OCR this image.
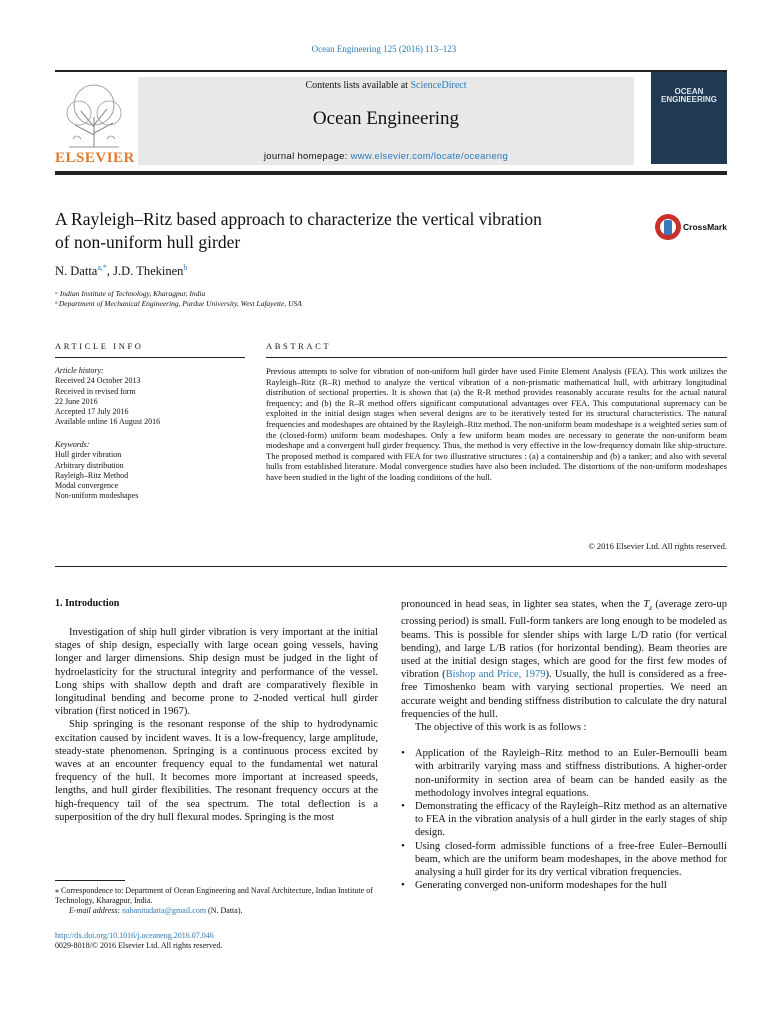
Ocean Engineering 125 (2016) 113–123
ELSEVIER
Contents lists available at ScienceDirect
Ocean Engineering
journal homepage: www.elsevier.com/locate/oceaneng
OCEAN ENGINEERING
A Rayleigh–Ritz based approach to characterize the vertical vibration
of non-uniform hull girder
CrossMark
N. Datta$^{a,*}$, J.D. Thekinen$^b$
ᵃ Indian Institute of Technology, Kharagpur, India
ᵇ Department of Mechanical Engineering, Purdue University, West Lafayette, USA
ARTICLE INFO	ABSTRACT
Article history:
Received 24 October 2013
Received in revised form
22 June 2016
Accepted 17 July 2016
Available online 16 August 2016
Keywords:
Hull girder vibration
Arbitrary distribution
Rayleigh–Ritz Method
Modal convergence
Non-uniform modeshapes
Previous attempts to solve for vibration of non-uniform hull girder have used Finite Element Analysis (FEA). This work utilizes the Rayleigh–Ritz (R–R) method to analyze the vertical vibration of a non-prismatic mathematical hull, with arbitrary longitudinal distribution of sectional properties. It is shown that (a) the R-R method provides reasonably accurate results for the actual natural frequency; and (b) the R–R method offers significant computational advantages over FEA. This computational supremacy can be exploited in the initial design stages when several designs are to be iteratively tested for its structural characteristics. The natural frequencies and modeshapes are obtained by the Rayleigh–Ritz method. The non-uniform beam modeshape is a weighted series sum of the (closed-form) uniform beam modeshapes. Only a few uniform beam modes are necessary to generate the non-uniform beam modeshape and a convergent hull girder frequency. Thus, the method is very effective in the low-frequency domain like ship-structure. The proposed method is compared with FEA for two illustrative structures : (a) a containership and (b) a tanker; and also with several hulls from established literature. Modal convergence studies have also been included. The distortions of the non-uniform modeshapes have been studied in the light of the loading conditions of the hull.
© 2016 Elsevier Ltd. All rights reserved.
1. Introduction

Investigation of ship hull girder vibration is very important at the initial stages of ship design, especially with large ocean going vessels, having longer and larger dimensions. Ship design must be judged in the light of hydroelasticity for the structural integrity and performance of the vessel. Long ships with shallow depth and draft are comparatively flexible in longitudinal bending and become prone to 2-noded vertical hull girder vibration (first noticed in 1967).

Ship springing is the resonant response of the ship to hydrodynamic excitation caused by incident waves. It is a low-frequency, large amplitude, steady-state phenomenon. Springing is a continuous process excited by waves at an encounter frequency equal to the fundamental wet natural frequency of the hull. It becomes more important at increased speeds, lengths, and hull girder flexibilities. The resonant frequency occurs at the high-frequency tail of the sea spectrum. The total deflection is a superposition of the dry hull flexural modes. Springing is the most

pronounced in head seas, in lighter sea states, when the $T_z$ (average zero-up crossing period) is small. Full-form tankers are long enough to be modeled as beams. This is possible for slender ships with large L/D ratio (for vertical bending), and large L/B ratios (for horizontal bending). Beam theories are used at the initial design stages, which are good for the first few modes of vibration (Bishop and Price, 1979). Usually, the hull is considered as a free-free Timoshenko beam with varying sectional properties. We need an accurate weight and bending stiffness distribution to calculate the dry natural frequencies of the hull.

The objective of this work is as follows :

• Application of the Rayleigh–Ritz method to an Euler-Bernoulli beam with arbitrarily varying mass and stiffness distributions. A higher-order non-uniformity in section area of beam can be handed easily as the methodology involves integral equations.
• Demonstrating the efficacy of the Rayleigh–Ritz method as an alternative to FEA in the vibration analysis of a hull girder in the early stages of ship design.
• Using closed-form admissible functions of a free-free Euler–Bernoulli beam, which are the uniform beam modeshapes, in the above method for analysing a hull girder for its dry vertical vibration frequencies.
• Generating converged non-uniform modeshapes for the hull
⁎ Correspondence to: Department of Ocean Engineering and Naval Architecture, Indian Institute of Technology, Kharagpur, India.
E-mail address: nabanitadatta@gmail.com (N. Datta).
http://dx.doi.org/10.1016/j.oceaneng.2016.07.046
0029-8018/© 2016 Elsevier Ltd. All rights reserved.
